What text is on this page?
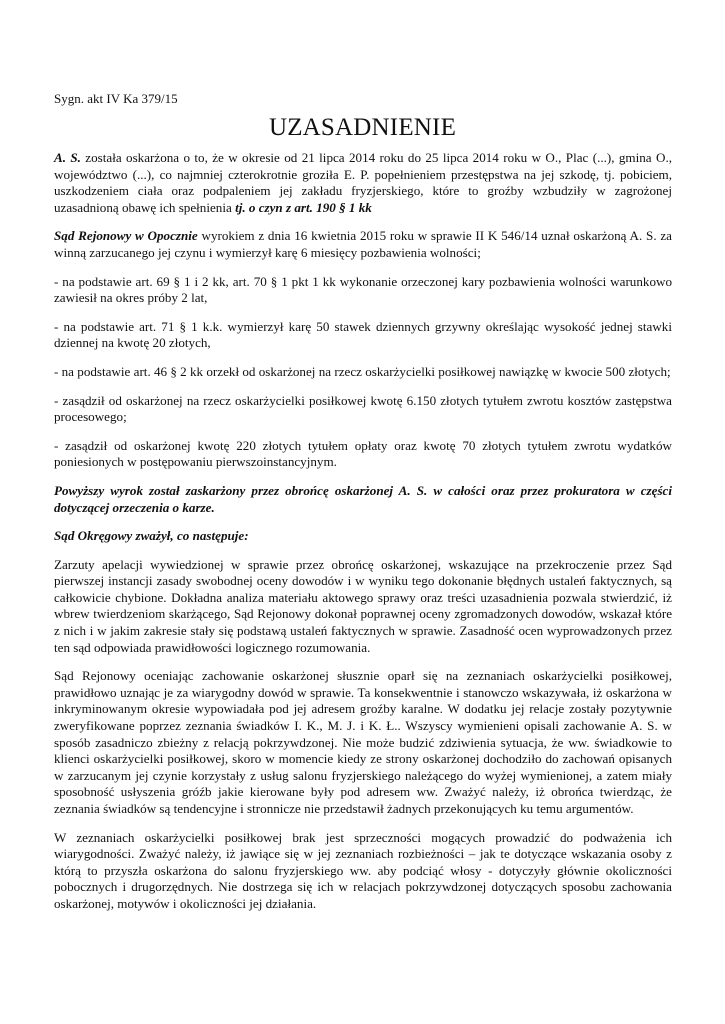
Sygn. akt IV Ka 379/15
UZASADNIENIE

A. S. została oskarżona o to, że w okresie od 21 lipca 2014 roku do 25 lipca 2014 roku w O., Plac (...), gmina O., województwo (...), co najmniej czterokrotnie groziła E. P. popełnieniem przestępstwa na jej szkodę, tj. pobiciem, uszkodzeniem ciała oraz podpaleniem jej zakładu fryzjerskiego, które to groźby wzbudziły w zagrożonej uzasadnioną obawę ich spełnienia tj. o czyn z art. 190 § 1 kk

Sąd Rejonowy w Opocznie wyrokiem z dnia 16 kwietnia 2015 roku w sprawie II K 546/14 uznał oskarżoną A. S. za winną zarzucanego jej czynu i wymierzył karę 6 miesięcy pozbawienia wolności;

- na podstawie art. 69 § 1 i 2 kk, art. 70 § 1 pkt 1 kk wykonanie orzeczonej kary pozbawienia wolności warunkowo zawiesił na okres próby 2 lat,

- na podstawie art. 71 § 1 k.k. wymierzył karę 50 stawek dziennych grzywny określając wysokość jednej stawki dziennej na kwotę 20 złotych,

- na podstawie art. 46 § 2 kk orzekł od oskarżonej na rzecz oskarżycielki posiłkowej nawiązkę w kwocie 500 złotych;

- zasądził od oskarżonej na rzecz oskarżycielki posiłkowej kwotę 6.150 złotych tytułem zwrotu kosztów zastępstwa procesowego;

- zasądził od oskarżonej kwotę 220 złotych tytułem opłaty oraz kwotę 70 złotych tytułem zwrotu wydatków poniesionych w postępowaniu pierwszoinstancyjnym.

Powyższy wyrok został zaskarżony przez obrońcę oskarżonej A. S. w całości oraz przez prokuratora w części dotyczącej orzeczenia o karze.

Sąd Okręgowy zważył, co następuje:

Zarzuty apelacji wywiedzionej w sprawie przez obrońcę oskarżonej, wskazujące na przekroczenie przez Sąd pierwszej instancji zasady swobodnej oceny dowodów i w wyniku tego dokonanie błędnych ustaleń faktycznych, są całkowicie chybione. Dokładna analiza materiału aktowego sprawy oraz treści uzasadnienia pozwala stwierdzić, iż wbrew twierdzeniom skarżącego, Sąd Rejonowy dokonał poprawnej oceny zgromadzonych dowodów, wskazał które z nich i w jakim zakresie stały się podstawą ustaleń faktycznych w sprawie. Zasadność ocen wyprowadzonych przez ten sąd odpowiada prawidłowości logicznego rozumowania.

Sąd Rejonowy oceniając zachowanie oskarżonej słusznie oparł się na zeznaniach oskarżycielki posiłkowej, prawidłowo uznając je za wiarygodny dowód w sprawie. Ta konsekwentnie i stanowczo wskazywała, iż oskarżona w inkryminowanym okresie wypowiadała pod jej adresem groźby karalne. W dodatku jej relacje zostały pozytywnie zweryfikowane poprzez zeznania świadków I. K., M. J. i K. Ł.. Wszyscy wymienieni opisali zachowanie A. S. w sposób zasadniczo zbieżny z relacją pokrzywdzonej. Nie może budzić zdziwienia sytuacja, że ww. świadkowie to klienci oskarżycielki posiłkowej, skoro w momencie kiedy ze strony oskarżonej dochodziło do zachowań opisanych w zarzucanym jej czynie korzystały z usług salonu fryzjerskiego należącego do wyżej wymienionej, a zatem miały sposobność usłyszenia gróźb jakie kierowane były pod adresem ww. Zważyć należy, iż obrońca twierdząc, że zeznania świadków są tendencyjne i stronnicze nie przedstawił żadnych przekonujących ku temu argumentów.

W zeznaniach oskarżycielki posiłkowej brak jest sprzeczności mogących prowadzić do podważenia ich wiarygodności. Zważyć należy, iż jawiące się w jej zeznaniach rozbieżności – jak te dotyczące wskazania osoby z którą to przyszła oskarżona do salonu fryzjerskiego ww. aby podciąć włosy - dotyczyły głównie okoliczności pobocznych i drugorzędnych. Nie dostrzega się ich w relacjach pokrzywdzonej dotyczących sposobu zachowania oskarżonej, motywów i okoliczności jej działania.
